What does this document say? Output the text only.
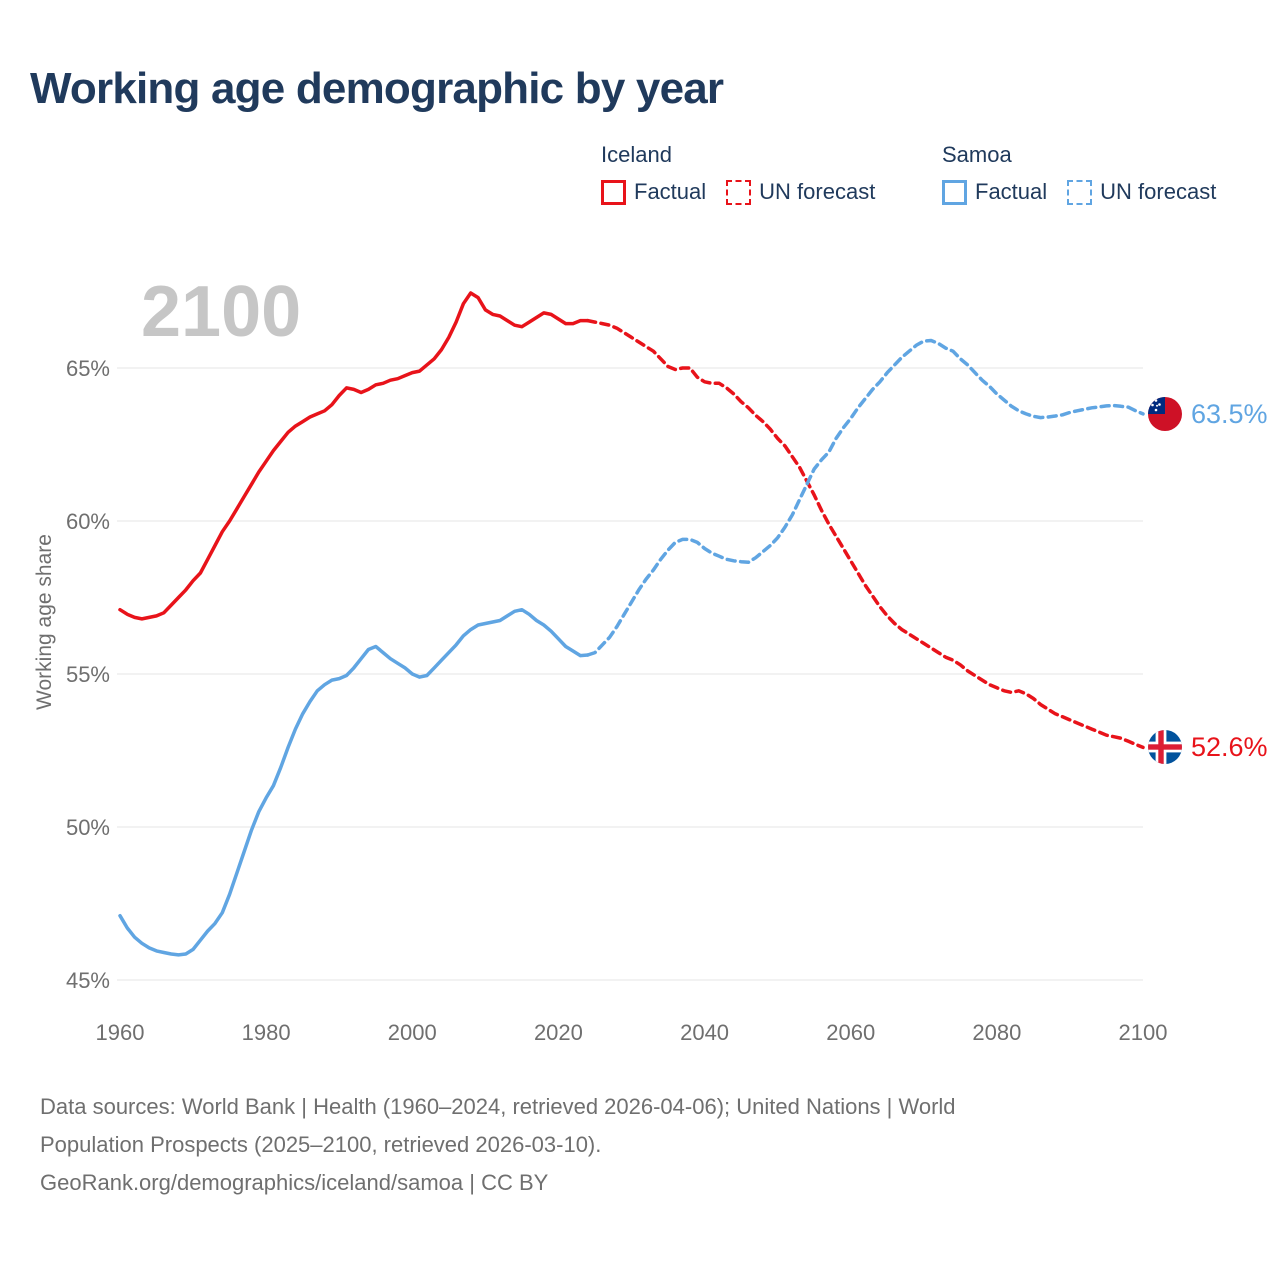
Working age demographic by year
Iceland
Factual UN forecast
Samoa
Factual UN forecast
2100
Working age share
45%
50%
55%
60%
65%
1960	1980	2000	2020	2040	2060	2080	2100
63.5%
52.6%
Data sources: World Bank | Health (1960–2024, retrieved 2026-04-06); United Nations | World
Population Prospects (2025–2100, retrieved 2026-03-10).
GeoRank.org/demographics/iceland/samoa | CC BY
